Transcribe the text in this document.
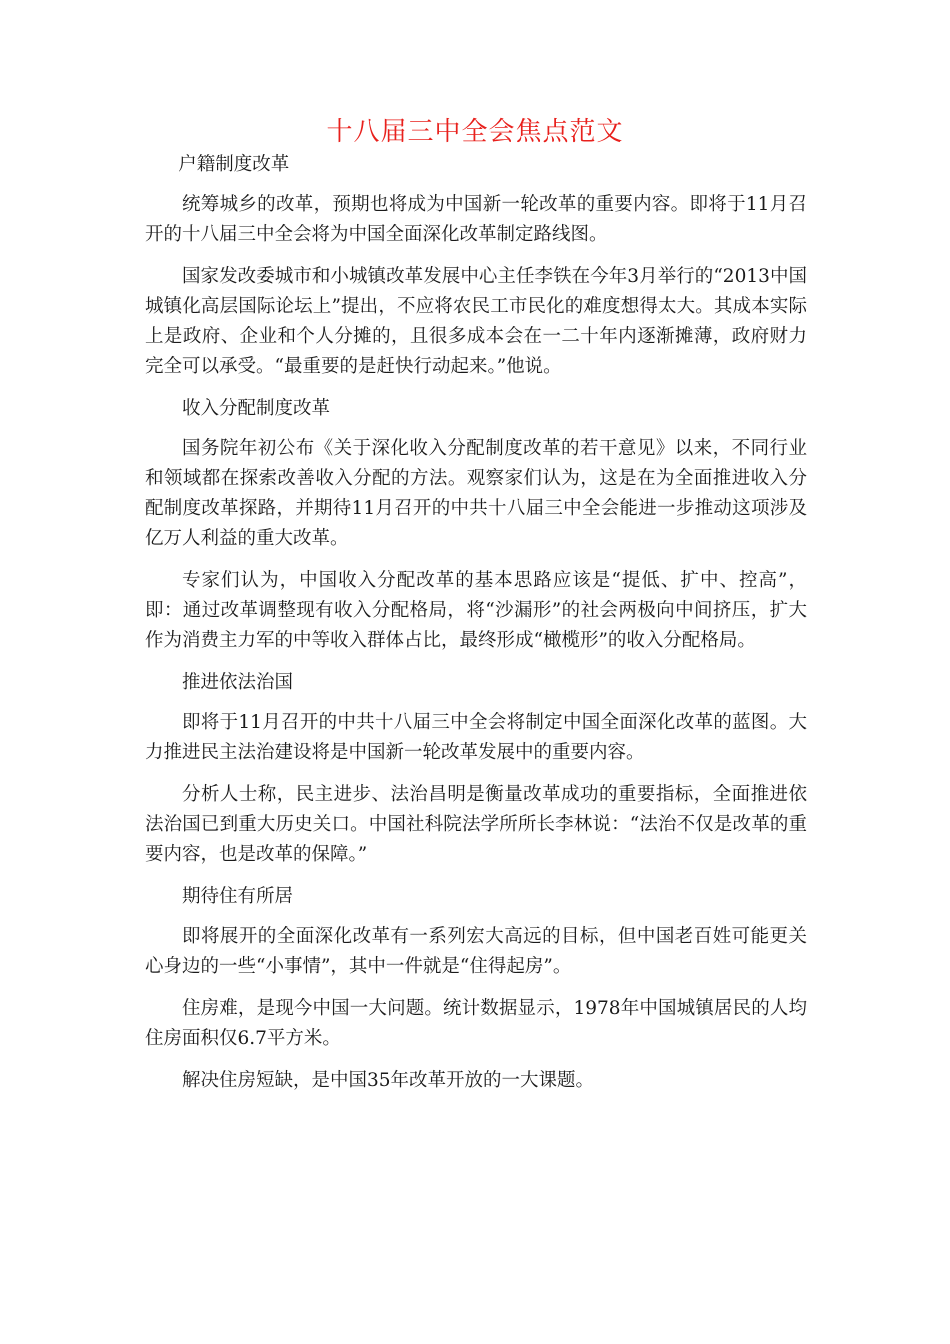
十八届三中全会焦点范文

户籍制度改革

统筹城乡的改革，预期也将成为中国新一轮改革的重要内容。即将于11月召开的十八届三中全会将为中国全面深化改革制定路线图。

国家发改委城市和小城镇改革发展中心主任李铁在今年3月举行的“2013中国城镇化高层国际论坛上”提出，不应将农民工市民化的难度想得太大。其成本实际上是政府、企业和个人分摊的，且很多成本会在一二十年内逐渐摊薄，政府财力完全可以承受。“最重要的是赶快行动起来。”他说。

收入分配制度改革

国务院年初公布《关于深化收入分配制度改革的若干意见》以来，不同行业和领域都在探索改善收入分配的方法。观察家们认为，这是在为全面推进收入分配制度改革探路，并期待11月召开的中共十八届三中全会能进一步推动这项涉及亿万人利益的重大改革。

专家们认为，中国收入分配改革的基本思路应该是“提低、扩中、控高”，即：通过改革调整现有收入分配格局，将“沙漏形”的社会两极向中间挤压，扩大作为消费主力军的中等收入群体占比，最终形成“橄榄形”的收入分配格局。

推进依法治国

即将于11月召开的中共十八届三中全会将制定中国全面深化改革的蓝图。大力推进民主法治建设将是中国新一轮改革发展中的重要内容。

分析人士称，民主进步、法治昌明是衡量改革成功的重要指标，全面推进依法治国已到重大历史关口。中国社科院法学所所长李林说：“法治不仅是改革的重要内容，也是改革的保障。”

期待住有所居

即将展开的全面深化改革有一系列宏大高远的目标，但中国老百姓可能更关心身边的一些“小事情”，其中一件就是“住得起房”。

住房难，是现今中国一大问题。统计数据显示，1978年中国城镇居民的人均住房面积仅6.7平方米。

解决住房短缺，是中国35年改革开放的一大课题。
